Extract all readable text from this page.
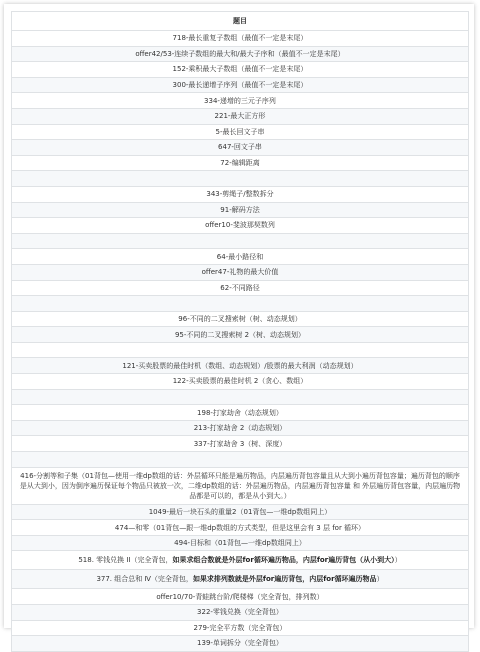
题目
718-最长重复子数组（最值不一定是末尾）
offer42/53-连续子数组的最大和/最大子序和（最值不一定是末尾）
152-乘积最大子数组（最值不一定是末尾）
300-最长递增子序列（最值不一定是末尾）
334-递增的三元子序列
221-最大正方形
5-最长回文子串
647-回文子串
72-编辑距离

343-剪绳子/整数拆分
91-解码方法
offer10-斐波那契数列

64-最小路径和
offer47-礼物的最大价值
62-不同路径

96-不同的二叉搜索树（树、动态规划）
95-不同的二叉搜索树 2（树、动态规划）

121-买卖股票的最佳时机（数组、动态规划）/股票的最大利润（动态规划）
122-买卖股票的最佳时机 2（贪心、数组）

198-打家劫舍（动态规划）
213-打家劫舍 2（动态规划）
337-打家劫舍 3（树、深度）

416-分割等和子集（01背包—使用一维dp数组的话：外层循环只能是遍历物品，内层遍历背包容量且从大到小遍历背包容量；遍历背包的顺序是从大到小，因为倒序遍历保证每个物品只被放一次，二维dp数组的话：外层遍历物品，内层遍历背包容量 和 外层遍历背包容量，内层遍历物品都是可以的，都是从小到大。）
1049-最后一块石头的重量2（01背包—一维dp数组同上）
474—和零（01背包—跟一维dp数组的方式类型，但是这里会有 3 层 for 循环）
494-目标和（01背包—一维dp数组同上）
518. 零钱兑换 II（完全背包，如果求组合数就是外层for循环遍历物品，内层for遍历背包（从小到大））
377. 组合总和 Ⅳ（完全背包，如果求排列数就是外层for遍历背包，内层for循环遍历物品）
offer10/70-青蛙跳台阶/爬楼梯（完全背包，排列数）
322-零钱兑换（完全背包）
279-完全平方数（完全背包）
139-单词拆分（完全背包）
